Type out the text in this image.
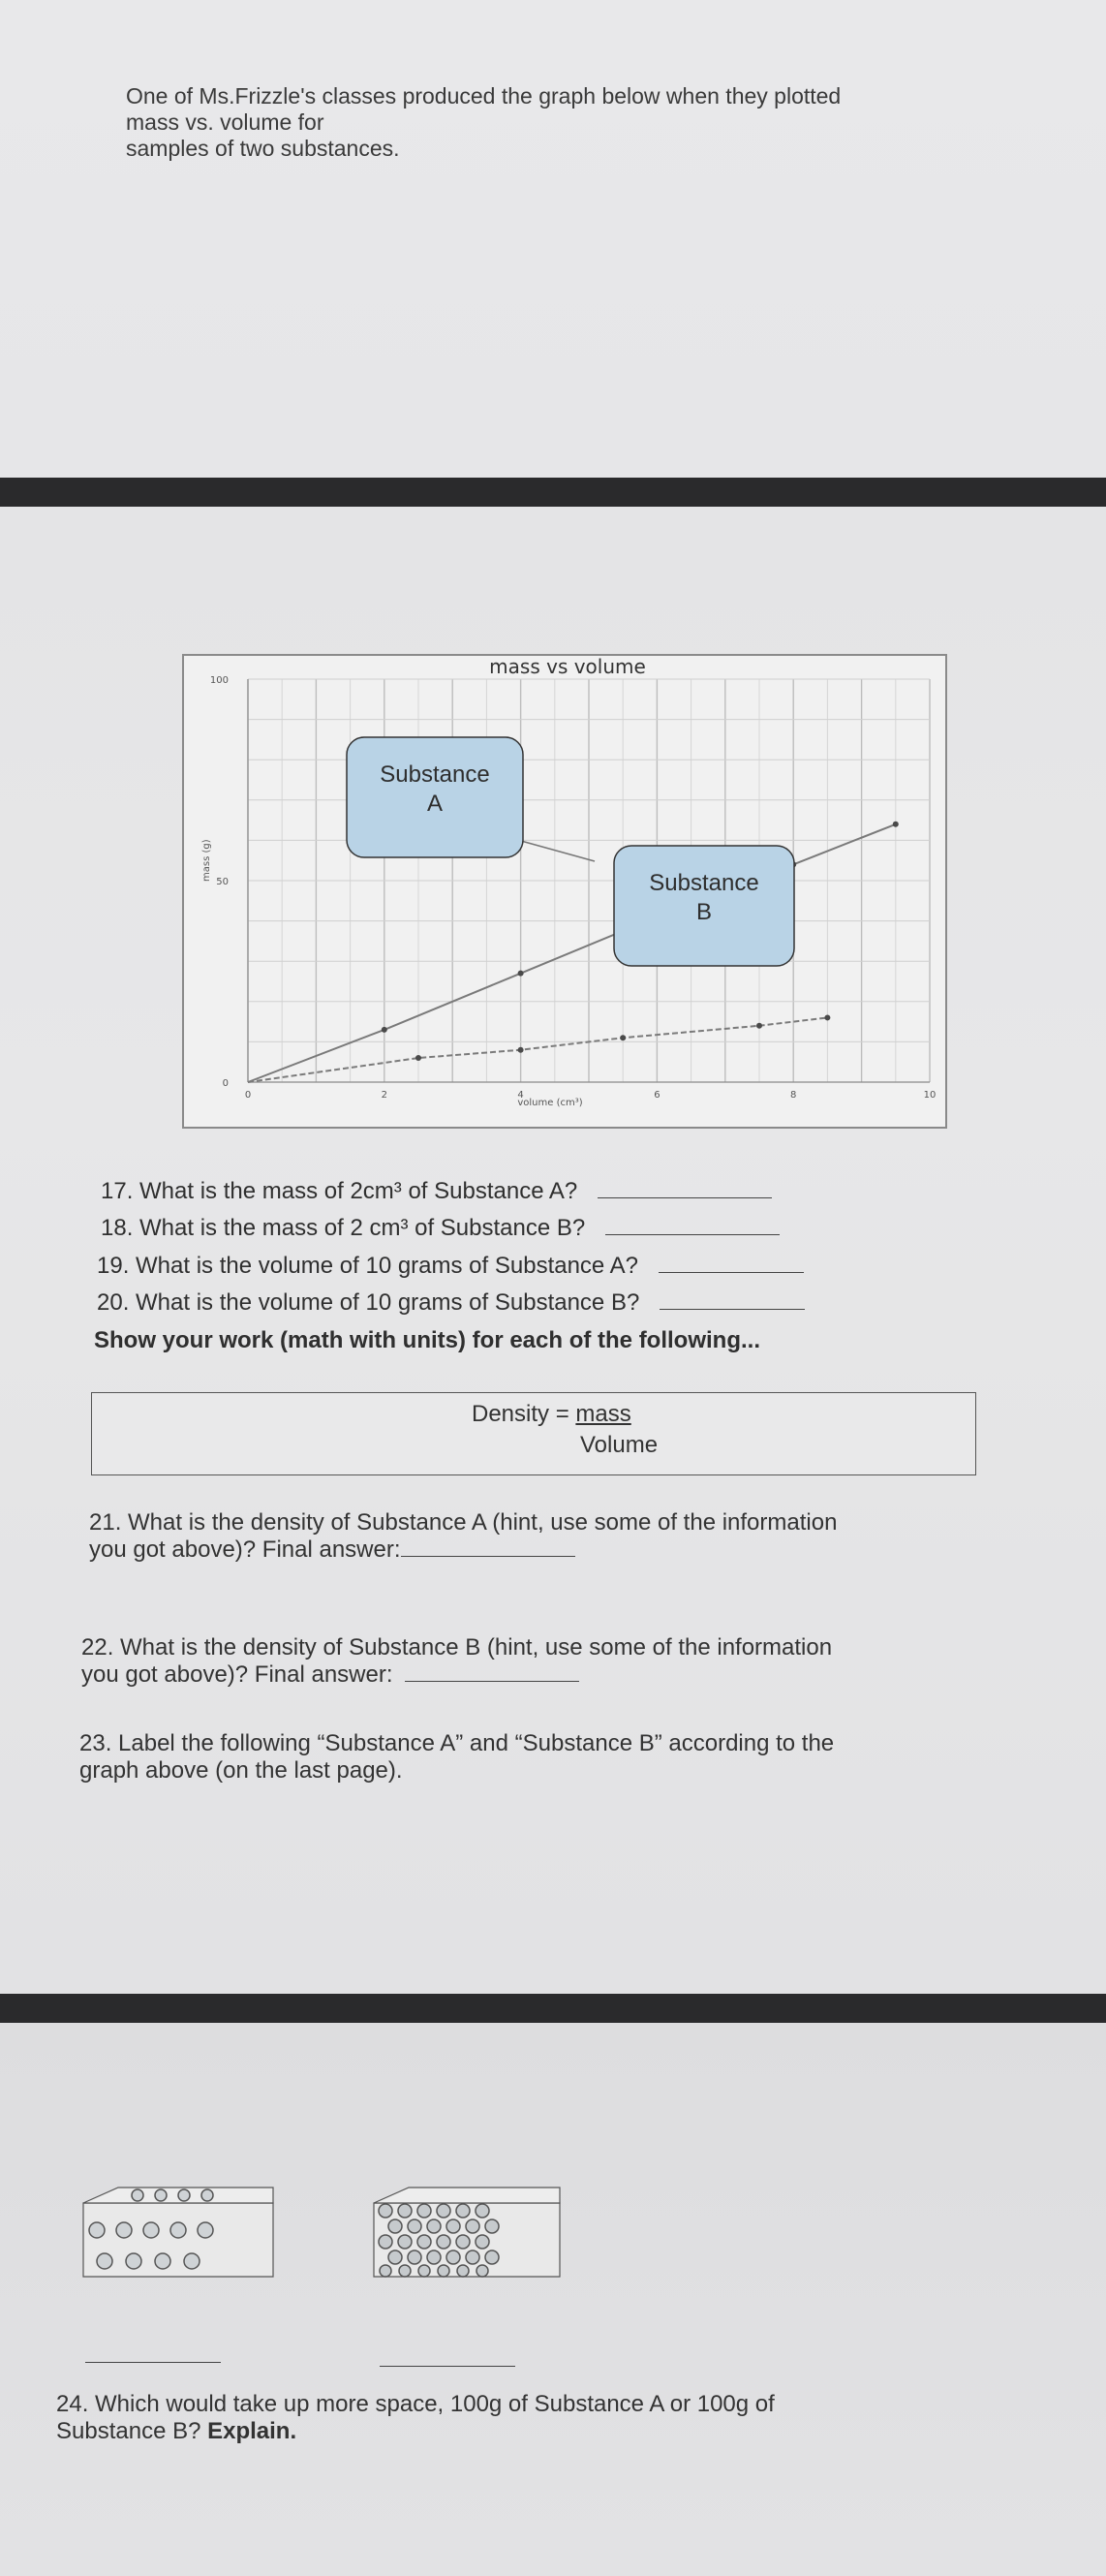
One of Ms.Frizzle's classes produced the graph below when they plotted
mass vs. volume for
samples of two substances.
mass vs volume
0	2	4	6	8	10
0
50
100
volume (cm³)
mass (g)
Substance
A
Substance
B
17. What is the mass of 2cm³ of Substance A?
18. What is the mass of 2 cm³ of Substance B?
19. What is the volume of 10 grams of Substance A?
20. What is the volume of 10 grams of Substance B?
Show your work (math with units) for each of the following...
Density = mass
Volume
21. What is the density of Substance A (hint, use some of the information
you got above)? Final answer:
22. What is the density of Substance B (hint, use some of the information
you got above)? Final answer:
23. Label the following “Substance A” and “Substance B” according to the
graph above (on the last page).
24. Which would take up more space, 100g of Substance A or 100g of
Substance B? Explain.
